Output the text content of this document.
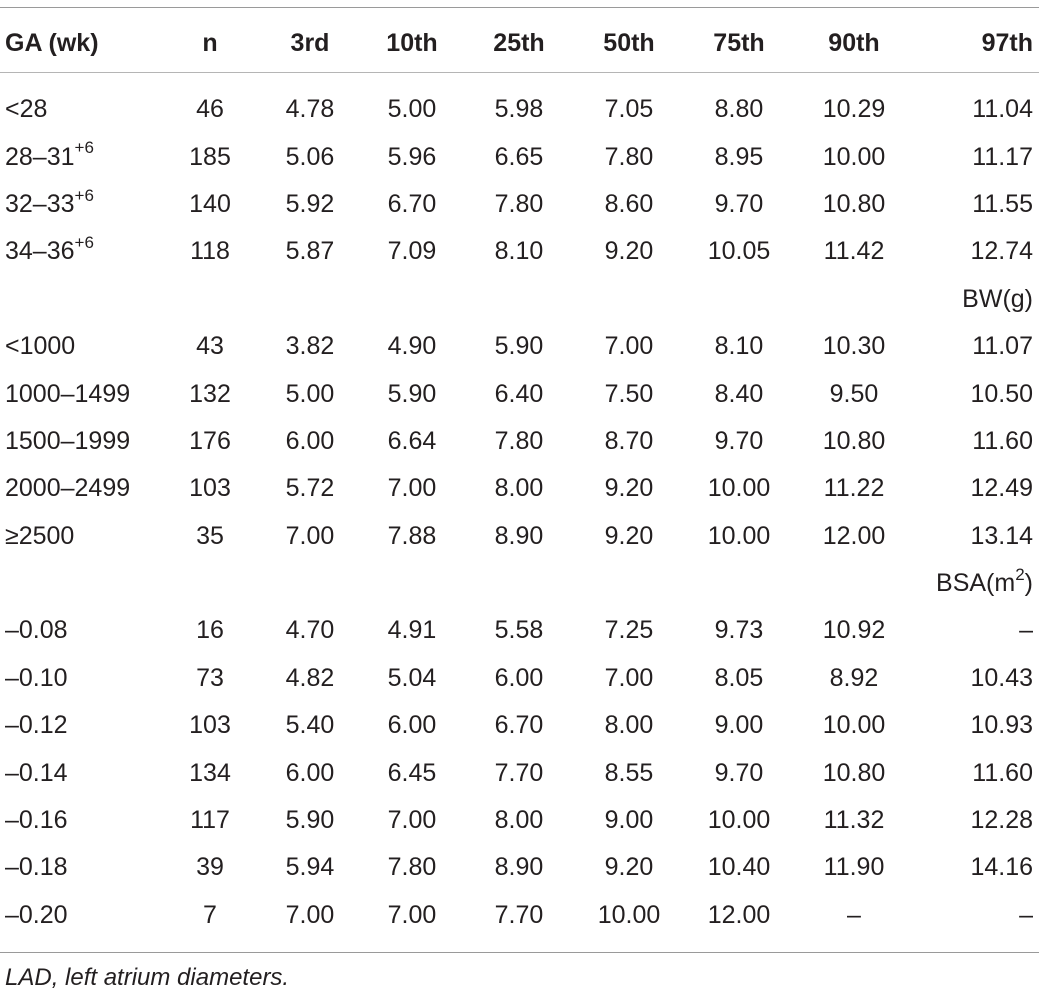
GA (wk)	n	3rd	10th	25th	50th	75th	90th	97th
<28	46	4.78	5.00	5.98	7.05	8.80	10.29	11.04
$28-31^{+6}$	185	5.06	5.96	6.65	7.80	8.95	10.00	11.17
$32-33^{+6}$	140	5.92	6.70	7.80	8.60	9.70	10.80	11.55
$34-36^{+6}$	118	5.87	7.09	8.10	9.20	10.05	11.42	12.74
BW(g)								
<1000	43	3.82	4.90	5.90	7.00	8.10	10.30	11.07
1000–1499	132	5.00	5.90	6.40	7.50	8.40	9.50	10.50
1500–1999	176	6.00	6.64	7.80	8.70	9.70	10.80	11.60
2000–2499	103	5.72	7.00	8.00	9.20	10.00	11.22	12.49
≥2500	35	7.00	7.88	8.90	9.20	10.00	12.00	13.14
$BSA(m^2)$								
–0.08	16	4.70	4.91	5.58	7.25	9.73	10.92	–
–0.10	73	4.82	5.04	6.00	7.00	8.05	8.92	10.43
–0.12	103	5.40	6.00	6.70	8.00	9.00	10.00	10.93
–0.14	134	6.00	6.45	7.70	8.55	9.70	10.80	11.60
–0.16	117	5.90	7.00	8.00	9.00	10.00	11.32	12.28
–0.18	39	5.94	7.80	8.90	9.20	10.40	11.90	14.16
–0.20	7	7.00	7.00	7.70	10.00	12.00	–	–
LAD, left atrium diameters.
